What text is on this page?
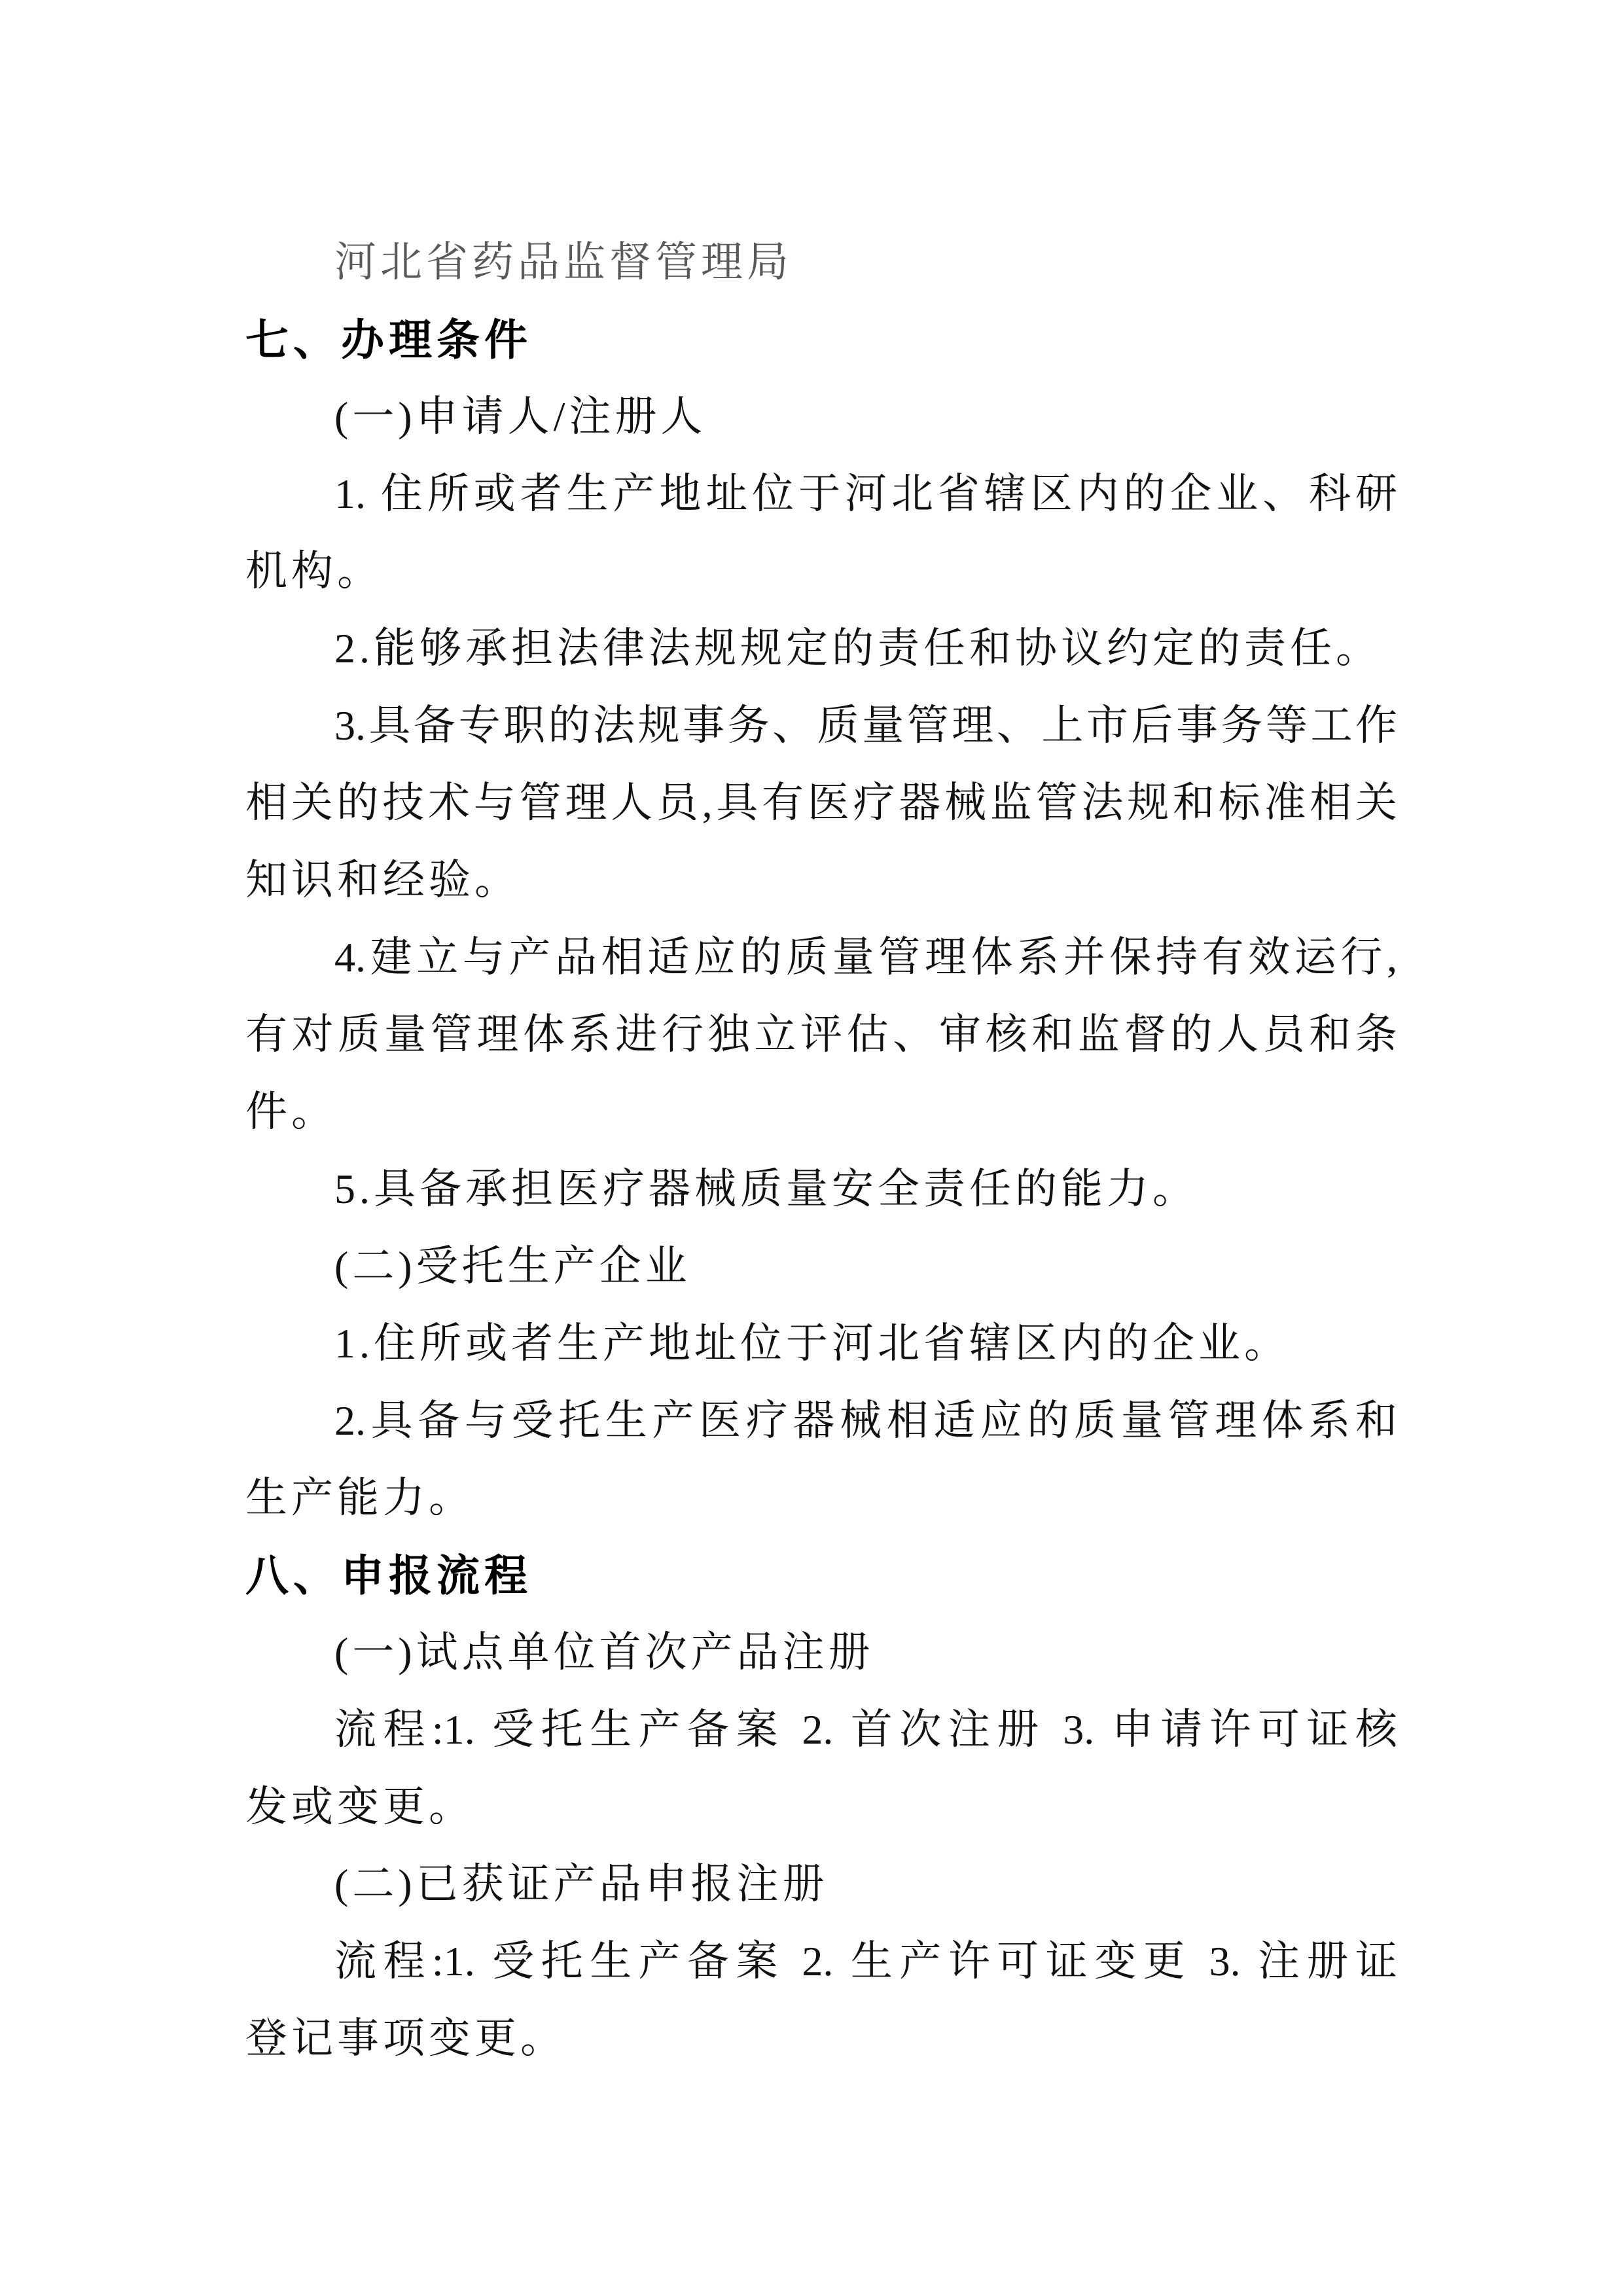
河北省药品监督管理局
七、办理条件
(一)申请人/注册人
1. 住所或者生产地址位于河北省辖区内的企业、科研
机构。
2.能够承担法律法规规定的责任和协议约定的责任。
3.具备专职的法规事务、质量管理、上市后事务等工作
相关的技术与管理人员,具有医疗器械监管法规和标准相关
知识和经验。
4.建立与产品相适应的质量管理体系并保持有效运行,
有对质量管理体系进行独立评估、审核和监督的人员和条
件。
5.具备承担医疗器械质量安全责任的能力。
(二)受托生产企业
1.住所或者生产地址位于河北省辖区内的企业。
2.具备与受托生产医疗器械相适应的质量管理体系和
生产能力。
八、申报流程
(一)试点单位首次产品注册
流程:1. 受托生产备案 2. 首次注册 3. 申请许可证核
发或变更。
(二)已获证产品申报注册
流程:1. 受托生产备案 2. 生产许可证变更 3. 注册证
登记事项变更。
